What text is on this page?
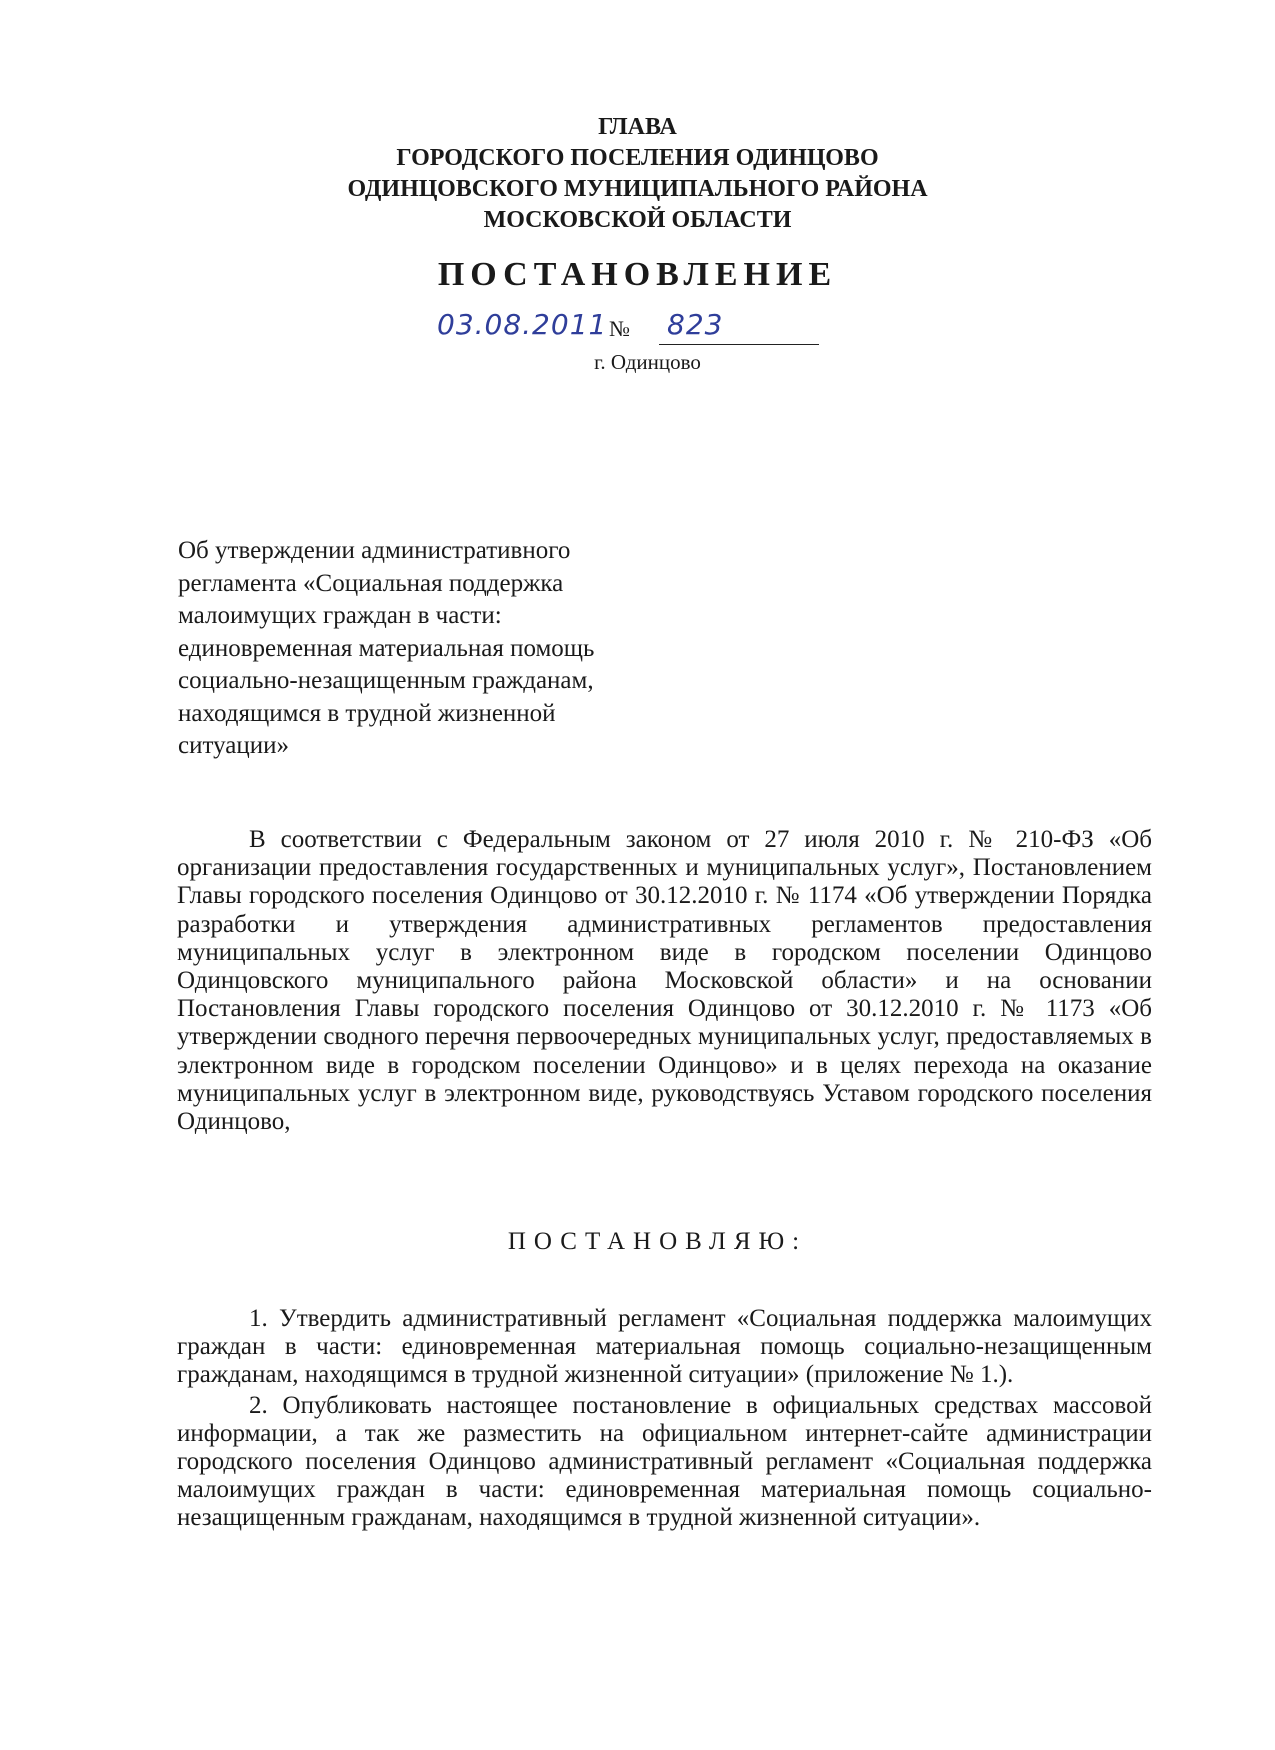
ГЛАВА
ГОРОДСКОГО ПОСЕЛЕНИЯ ОДИНЦОВО
ОДИНЦОВСКОГО МУНИЦИПАЛЬНОГО РАЙОНА
МОСКОВСКОЙ ОБЛАСТИ
ПОСТАНОВЛЕНИЕ
03.08.2011 № 823
г. Одинцово
Об утверждении административного
регламента «Социальная поддержка
малоимущих граждан в части:
единовременная материальная помощь
социально-незащищенным гражданам,
находящимся в трудной жизненной
ситуации»
В соответствии с Федеральным законом от 27 июля 2010 г. № 210-ФЗ «Об организации предоставления государственных и муниципальных услуг», Постановлением Главы городского поселения Одинцово от 30.12.2010 г. № 1174 «Об утверждении Порядка разработки и утверждения административных регламентов предоставления муниципальных услуг в электронном виде в городском поселении Одинцово Одинцовского муниципального района Московской области» и на основании Постановления Главы городского поселения Одинцово от 30.12.2010 г. № 1173 «Об утверждении сводного перечня первоочередных муниципальных услуг, предоставляемых в электронном виде в городском поселении Одинцово» и в целях перехода на оказание муниципальных услуг в электронном виде, руководствуясь Уставом городского поселения Одинцово,
ПОСТАНОВЛЯЮ:

1. Утвердить административный регламент «Социальная поддержка малоимущих граждан в части: единовременная материальная помощь социально-незащищенным гражданам, находящимся в трудной жизненной ситуации» (приложение № 1.).

2. Опубликовать настоящее постановление в официальных средствах массовой информации, а так же разместить на официальном интернет-сайте администрации городского поселения Одинцово административный регламент «Социальная поддержка малоимущих граждан в части: единовременная материальная помощь социально-незащищенным гражданам, находящимся в трудной жизненной ситуации».
